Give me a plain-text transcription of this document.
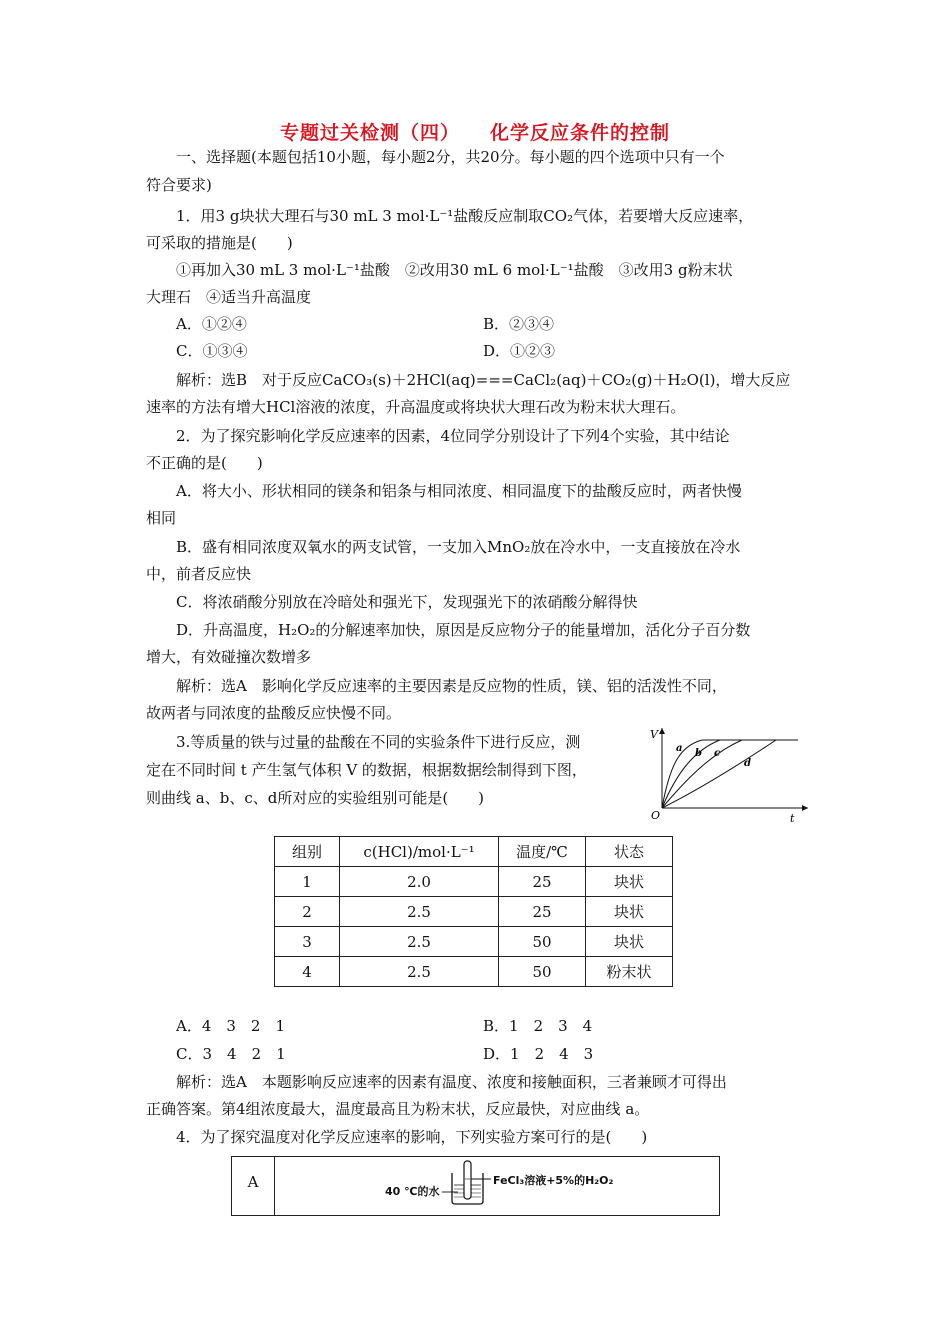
专题过关检测（四） 化学反应条件的控制
一、选择题(本题包括10小题，每小题2分，共20分。每小题的四个选项中只有一个
符合要求)
1．用3 g块状大理石与30 mL 3 mol·L⁻¹盐酸反应制取CO₂气体，若要增大反应速率，
可采取的措施是(　　)
①再加入30 mL 3 mol·L⁻¹盐酸　②改用30 mL 6 mol·L⁻¹盐酸　③改用3 g粉末状
大理石　④适当升高温度
A．①②④	B．②③④
C．①③④	D．①②③
解析：选B　对于反应CaCO₃(s)＋2HCl(aq)===CaCl₂(aq)＋CO₂(g)＋H₂O(l)，增大反应
速率的方法有增大HCl溶液的浓度，升高温度或将块状大理石改为粉末状大理石。
2．为了探究影响化学反应速率的因素，4位同学分别设计了下列4个实验，其中结论
不正确的是(　　)
A．将大小、形状相同的镁条和铝条与相同浓度、相同温度下的盐酸反应时，两者快慢
相同
B．盛有相同浓度双氧水的两支试管，一支加入MnO₂放在冷水中，一支直接放在冷水
中，前者反应快
C．将浓硝酸分别放在冷暗处和强光下，发现强光下的浓硝酸分解得快
D．升高温度，H₂O₂的分解速率加快，原因是反应物分子的能量增加，活化分子百分数
增大，有效碰撞次数增多
解析：选A　影响化学反应速率的主要因素是反应物的性质，镁、铝的活泼性不同，
故两者与同浓度的盐酸反应快慢不同。
3.等质量的铁与过量的盐酸在不同的实验条件下进行反应，测
定在不同时间 t 产生氢气体积 V 的数据，根据数据绘制得到下图，
则曲线 a、b、c、d所对应的实验组别可能是(　　)
V
t
O
a b c
d
组别	c(HCl)/mol·L⁻¹	温度/℃	状态
1	2.0	25	块状
2	2.5	25	块状
3	2.5	50	块状
4	2.5	50	粉末状
A．4　3　2　1	B．1　2　3　4
C．3　4　2　1	D．1　2　4　3
解析：选A　本题影响反应速率的因素有温度、浓度和接触面积，三者兼顾才可得出
正确答案。第4组浓度最大，温度最高且为粉末状，反应最快，对应曲线 a。
4．为了探究温度对化学反应速率的影响，下列实验方案可行的是(　　)
A
40 ℃的水
FeCl₃溶液+5%的H₂O₂
